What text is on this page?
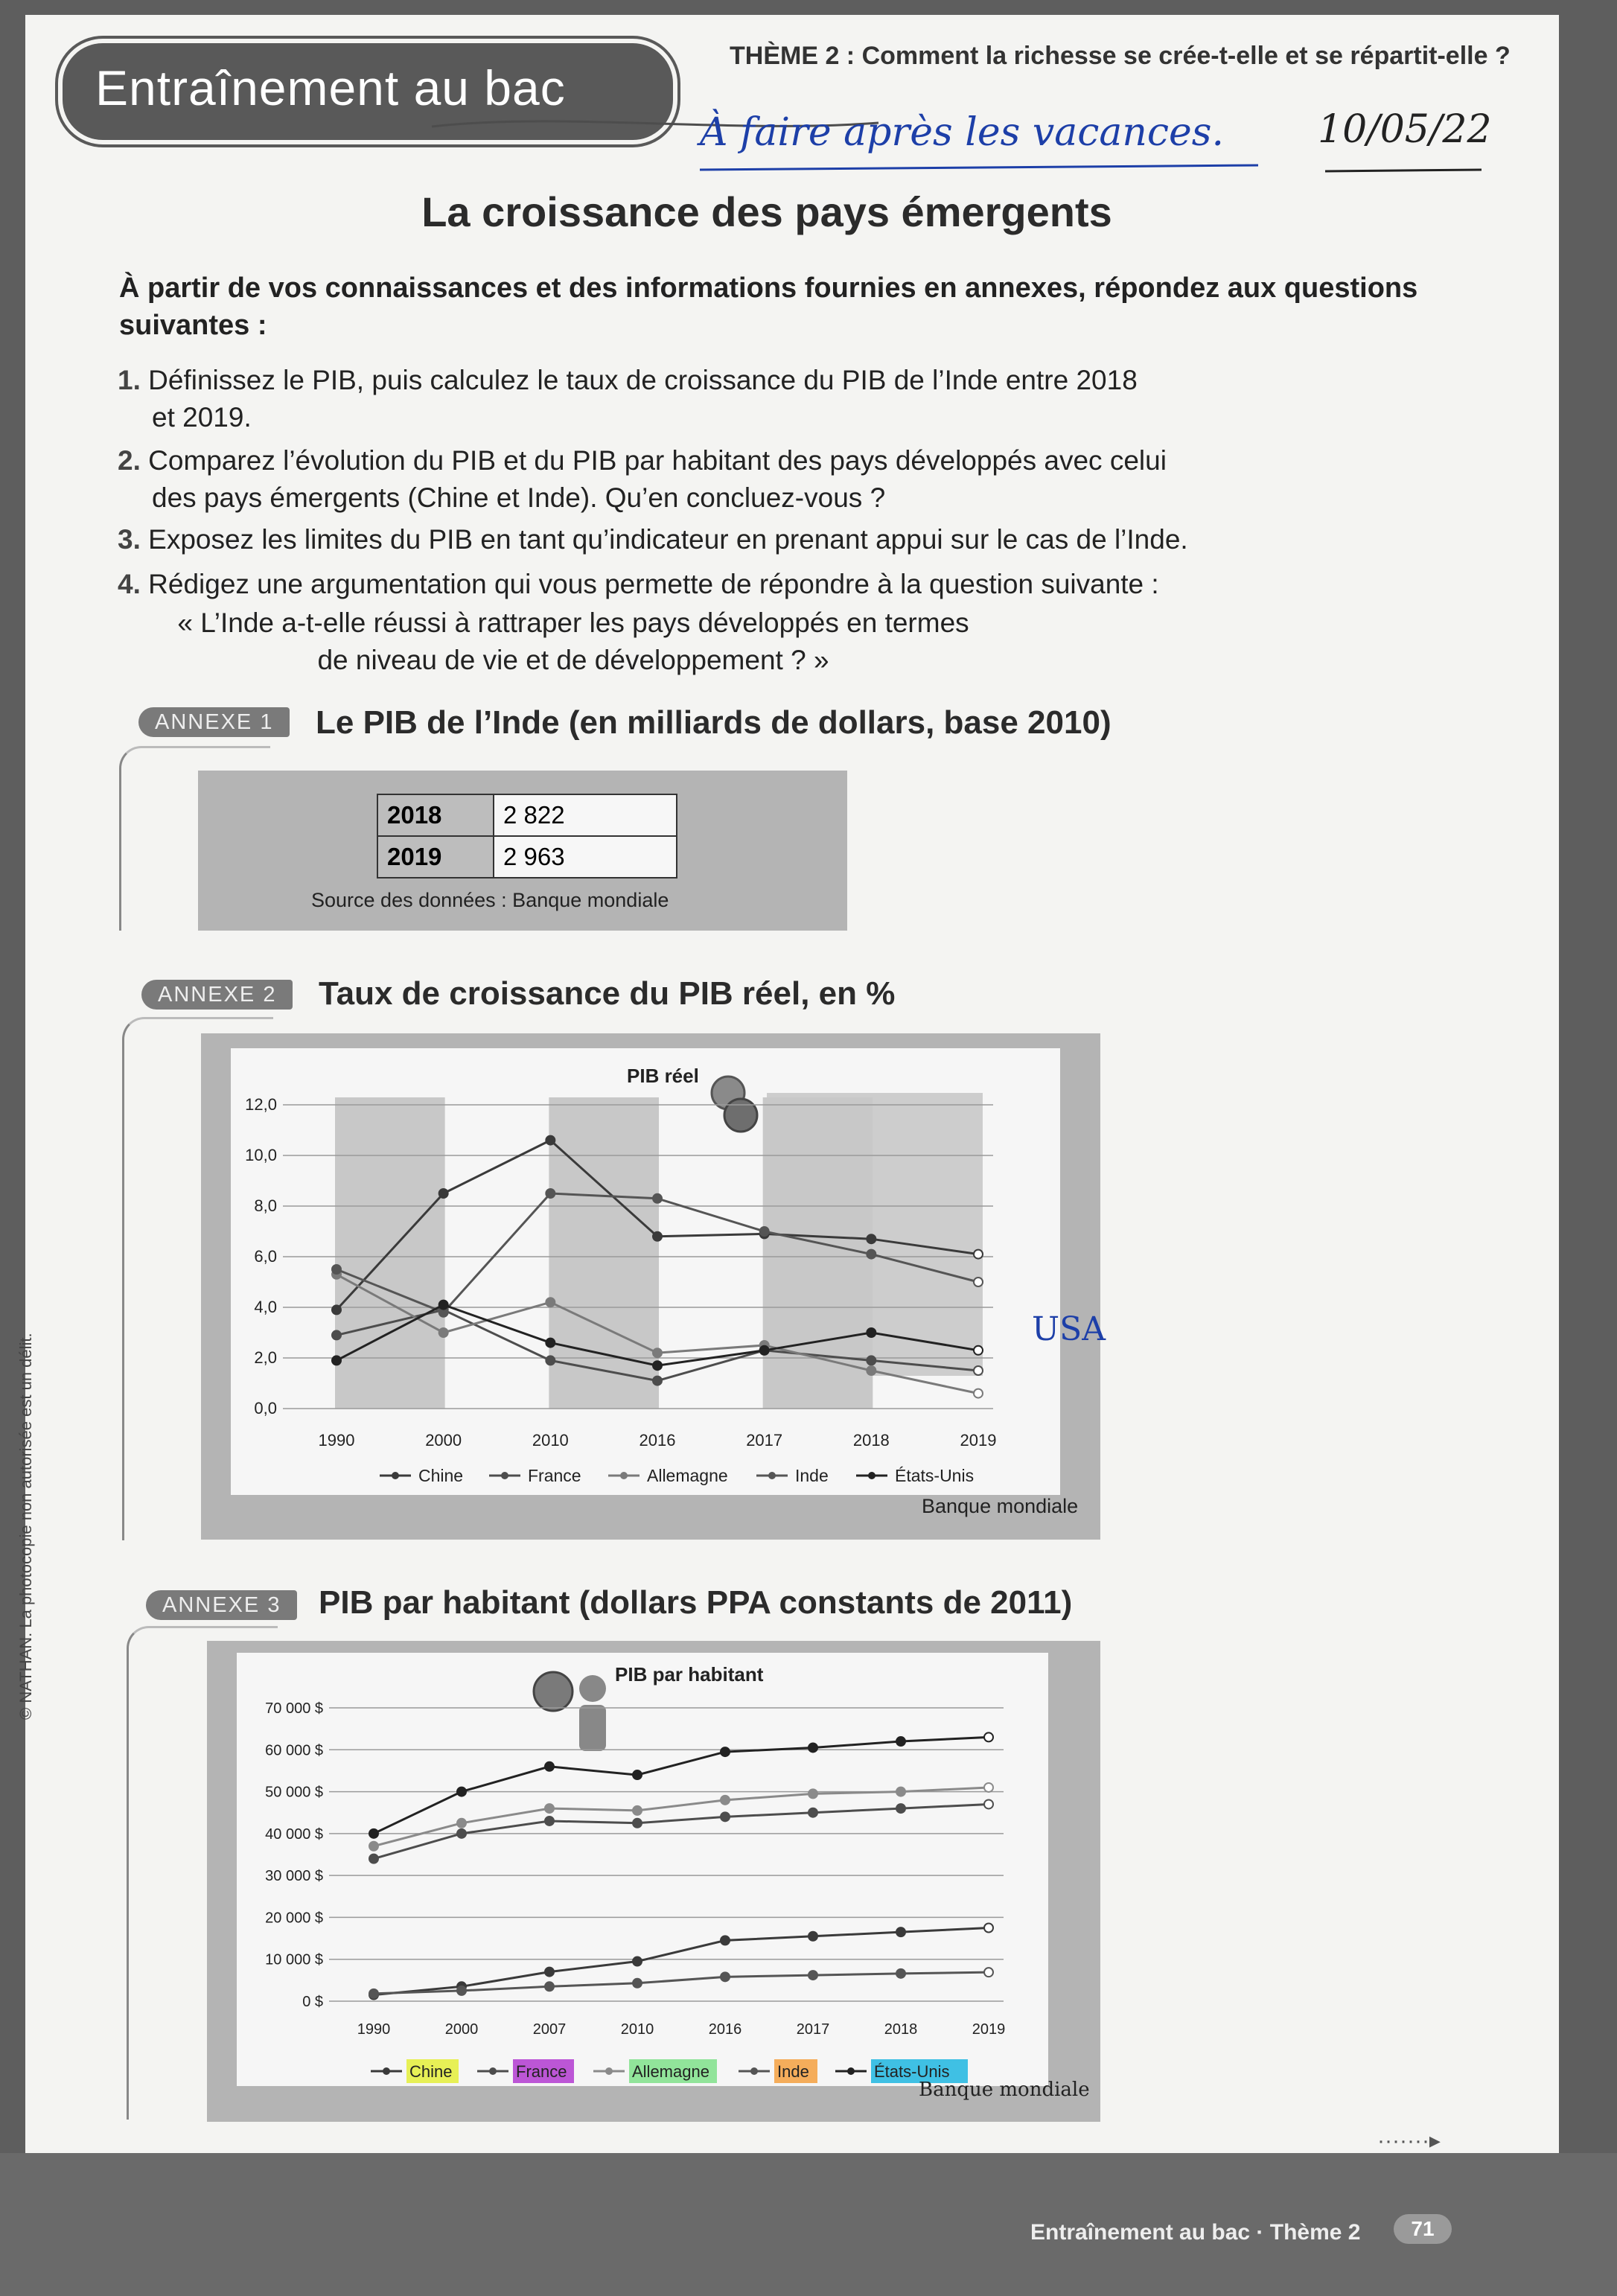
Entraînement au bac
THÈME 2 : Comment la richesse se crée-t-elle et se répartit-elle ?
À faire après les vacances. 10/05/22
La croissance des pays émergents
À partir de vos connaissances et des informations fournies en annexes, répondez aux questions suivantes :
1. Définissez le PIB, puis calculez le taux de croissance du PIB de l’Inde entre 2018
et 2019.
2. Comparez l’évolution du PIB et du PIB par habitant des pays développés avec celui
des pays émergents (Chine et Inde). Qu’en concluez-vous ?
3. Exposez les limites du PIB en tant qu’indicateur en prenant appui sur le cas de l’Inde.
4. Rédigez une argumentation qui vous permette de répondre à la question suivante :
« L’Inde a-t-elle réussi à rattraper les pays développés en termes
de niveau de vie et de développement ? »
ANNEXE 1	Le PIB de l’Inde (en milliards de dollars, base 2010)
2018	2 822
2019	2 963
Source des données : Banque mondiale
ANNEXE 2	Taux de croissance du PIB réel, en %
PIB réel
0,0
2,0
4,0
6,0
8,0
10,0
12,0
1990	2000	2010	2016	2017	2018	2019
Chine	France	Allemagne	Inde	États-Unis
Banque mondiale
USA
ANNEXE 3	PIB par habitant (dollars PPA constants de 2011)
PIB par habitant
0 $
10 000 $
20 000 $
30 000 $
40 000 $
50 000 $
60 000 $
70 000 $
1990	2000	2007	2010	2016	2017	2018	2019
Chine	France	Allemagne	Inde	États-Unis
Banque mondiale
·······▸
© NATHAN. La photocopie non autorisée est un délit.
Entraînement au bac · Thème 2	71
